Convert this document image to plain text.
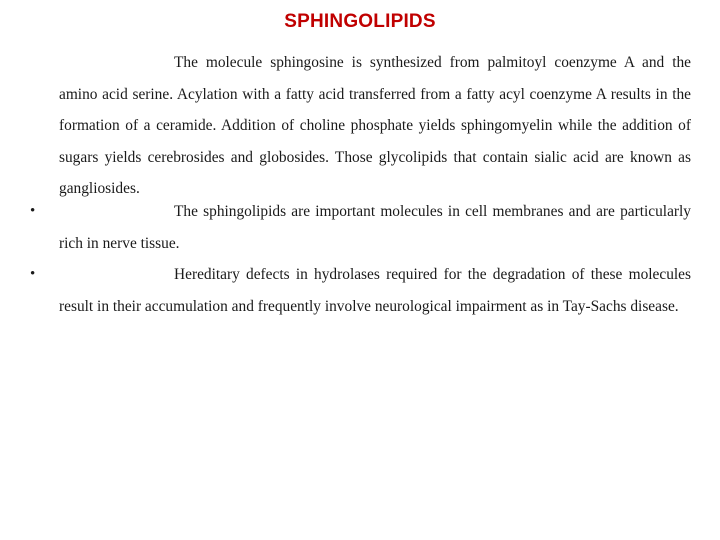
SPHINGOLIPIDS

The molecule sphingosine is synthesized from palmitoyl coenzyme A and the amino acid serine. Acylation with a fatty acid transferred from a fatty acyl coenzyme A results in the formation of a ceramide. Addition of choline phosphate yields sphingomyelin while the addition of sugars yields cerebrosides and globosides. Those glycolipids that contain sialic acid are known as gangliosides.

•	The sphingolipids are important molecules in cell membranes and are particularly rich in nerve tissue.

•	Hereditary defects in hydrolases required for the degradation of these molecules result in their accumulation and frequently involve neurological impairment as in Tay-Sachs disease.
